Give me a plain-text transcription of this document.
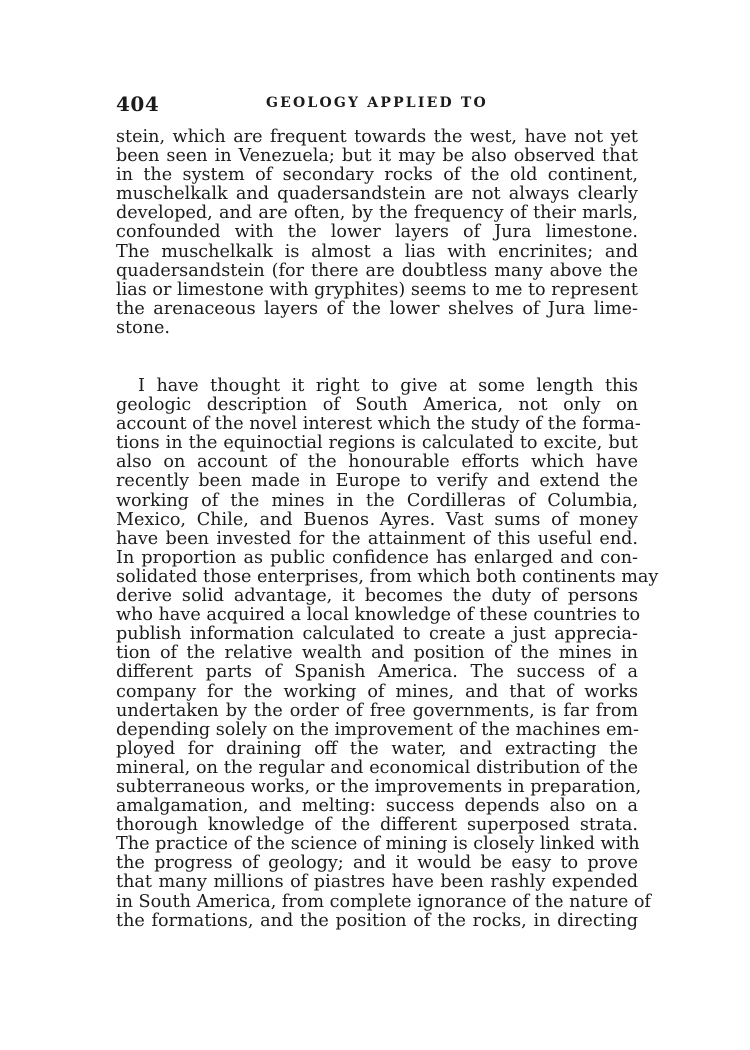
404	GEOLOGY APPLIED TO
stein, which are frequent towards the west, have not yet
been seen in Venezuela; but it may be also observed that
in the system of secondary rocks of the old continent,
muschelkalk and quadersandstein are not always clearly
developed, and are often, by the frequency of their marls,
confounded with the lower layers of Jura limestone.
The muschelkalk is almost a lias with encrinites; and
quadersandstein (for there are doubtless many above the
lias or limestone with gryphites) seems to me to represent
the arenaceous layers of the lower shelves of Jura lime-
stone.
I have thought it right to give at some length this
geologic description of South America, not only on
account of the novel interest which the study of the forma-
tions in the equinoctial regions is calculated to excite, but
also on account of the honourable efforts which have
recently been made in Europe to verify and extend the
working of the mines in the Cordilleras of Columbia,
Mexico, Chile, and Buenos Ayres. Vast sums of money
have been invested for the attainment of this useful end.
In proportion as public confidence has enlarged and con-
solidated those enterprises, from which both continents may
derive solid advantage, it becomes the duty of persons
who have acquired a local knowledge of these countries to
publish information calculated to create a just apprecia-
tion of the relative wealth and position of the mines in
different parts of Spanish America. The success of a
company for the working of mines, and that of works
undertaken by the order of free governments, is far from
depending solely on the improvement of the machines em-
ployed for draining off the water, and extracting the
mineral, on the regular and economical distribution of the
subterraneous works, or the improvements in preparation,
amalgamation, and melting: success depends also on a
thorough knowledge of the different superposed strata.
The practice of the science of mining is closely linked with
the progress of geology; and it would be easy to prove
that many millions of piastres have been rashly expended
in South America, from complete ignorance of the nature of
the formations, and the position of the rocks, in directing
